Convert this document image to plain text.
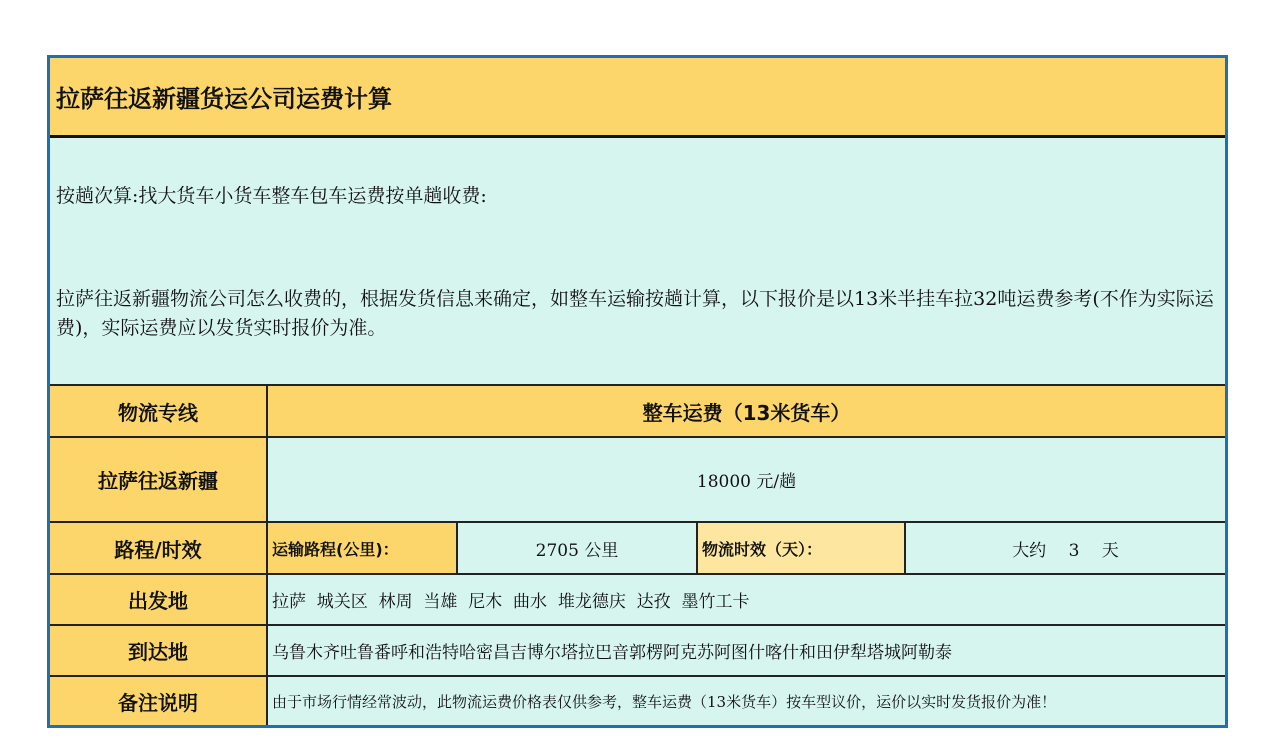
拉萨往返新疆货运公司运费计算
按趟次算:找大货车小货车整车包车运费按单趟收费:
拉萨往返新疆物流公司怎么收费的，根据发货信息来确定，如整车运输按趟计算，以下报价是以13米半挂车拉32吨运费参考(不作为实际运费)，实际运费应以发货实时报价为准。
物流专线	整车运费（13米货车）
拉萨往返新疆	18000 元/趟
路程/时效	运输路程(公里)：	2705 公里	物流时效（天）：	大约　 3　 天
出发地	拉萨  城关区  林周  当雄  尼木  曲水  堆龙德庆  达孜  墨竹工卡
到达地	乌鲁木齐吐鲁番呼和浩特哈密昌吉博尔塔拉巴音郭楞阿克苏阿图什喀什和田伊犁塔城阿勒泰
备注说明	由于市场行情经常波动，此物流运费价格表仅供参考，整车运费（13米货车）按车型议价，运价以实时发货报价为准！
